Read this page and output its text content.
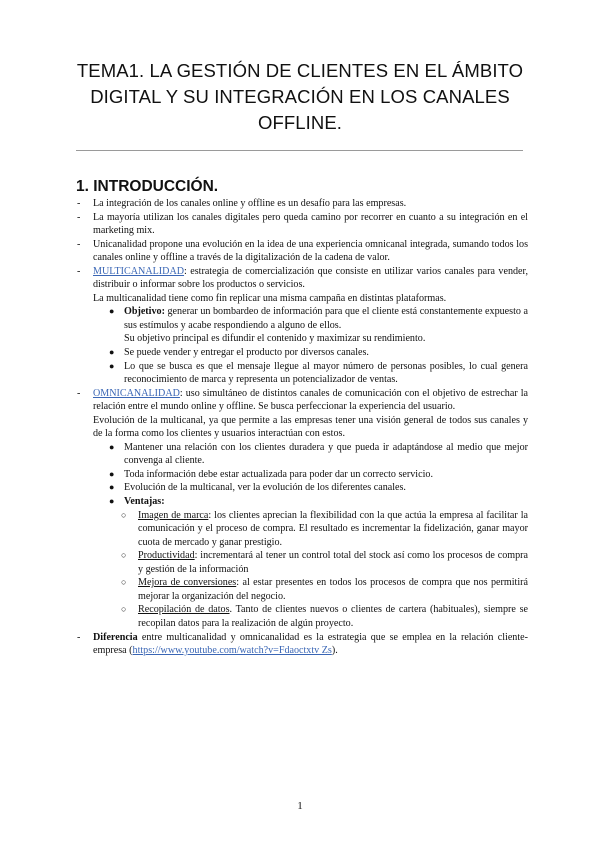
TEMA1. LA GESTIÓN DE CLIENTES EN EL ÁMBITO
DIGITAL Y SU INTEGRACIÓN EN LOS CANALES
OFFLINE.
1. INTRODUCCIÓN.
- La integración de los canales online y offline es un desafío para las empresas.
- La mayoría utilizan los canales digitales pero queda camino por recorrer en cuanto a su integración en el marketing mix.
- Unicanalidad propone una evolución en la idea de una experiencia omnicanal integrada, sumando todos los canales online y offline a través de la digitalización de la cadena de valor.
- MULTICANALIDAD: estrategia de comercialización que consiste en utilizar varios canales para vender, distribuir o informar sobre los productos o servicios.
La multicanalidad tiene como fin replicar una misma campaña en distintas plataformas.
● Objetivo: generar un bombardeo de información para que el cliente está constantemente expuesto a sus estímulos y acabe respondiendo a alguno de ellos.
Su objetivo principal es difundir el contenido y maximizar su rendimiento.
● Se puede vender y entregar el producto por diversos canales.
● Lo que se busca es que el mensaje llegue al mayor número de personas posibles, lo cual genera reconocimiento de marca y representa un potencializador de ventas.
- OMNICANALIDAD: uso simultáneo de distintos canales de comunicación con el objetivo de estrechar la relación entre el mundo online y offline. Se busca perfeccionar la experiencia del usuario.
Evolución de la multicanal, ya que permite a las empresas tener una visión general de todos sus canales y de la forma como los clientes y usuarios interactúan con estos.
● Mantener una relación con los clientes duradera y que pueda ir adaptándose al medio que mejor convenga al cliente.
● Toda información debe estar actualizada para poder dar un correcto servicio.
● Evolución de la multicanal, ver la evolución de los diferentes canales.
● Ventajas:
○ Imagen de marca: los clientes aprecian la flexibilidad con la que actúa la empresa al facilitar la comunicación y el proceso de compra. El resultado es incrementar la fidelización, ganar mayor cuota de mercado y ganar prestigio.
○ Productividad: incrementará al tener un control total del stock así como los procesos de compra y gestión de la información
○ Mejora de conversiones: al estar presentes en todos los procesos de compra que nos permitirá mejorar la organización del negocio.
○ Recopilación de datos. Tanto de clientes nuevos o clientes de cartera (habituales), siempre se recopilan datos para la realización de algún proyecto.
- Diferencia entre multicanalidad y omnicanalidad es la estrategia que se emplea en la relación cliente-empresa (https://www.youtube.com/watch?v=Fdaoctxtv Zs).
1
